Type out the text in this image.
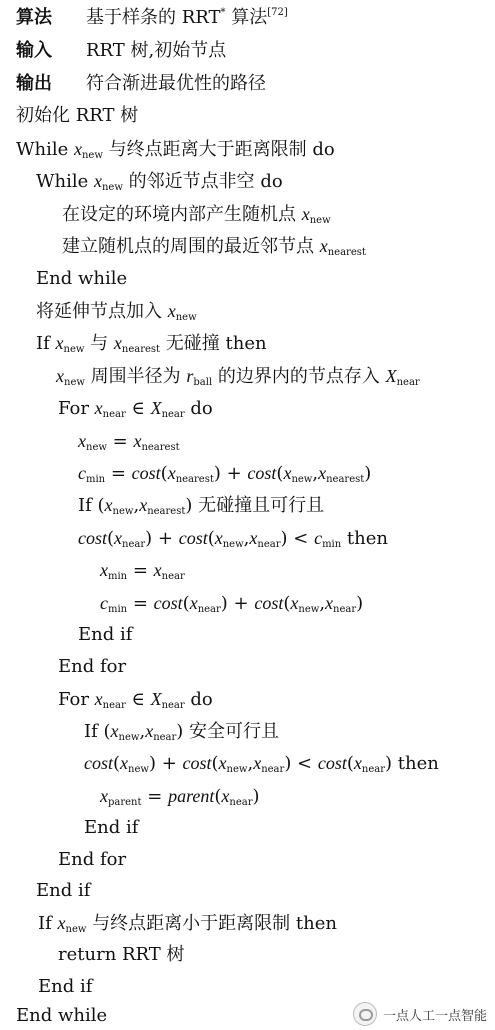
算法 基于样条的 RRT* 算法[72]
输入 RRT 树,初始节点
输出 符合渐进最优性的路径
初始化 RRT 树
While $x_{new}$ 与终点距离大于距离限制 do
While $x_{new}$ 的邻近节点非空 do
在设定的环境内部产生随机点 $x_{new}$
建立随机点的周围的最近邻节点 $x_{nearest}$
End while
将延伸节点加入 $x_{new}$
If $x_{new}$ 与 $x_{nearest}$ 无碰撞 then
$x_{new}$ 周围半径为 $r_{ball}$ 的边界内的节点存入 $X_{near}$
For $x_{near}$ ∈ $X_{near}$ do
$x_{new} = x_{nearest}$
$c_{min} = \cos t(x_{nearest}) + \cos t(x_{new},x_{nearest})$
If $(x_{new},x_{nearest})$ 无碰撞且可行且
$\cos t(x_{near}) + \cos t(x_{new},x_{near}) < c_{min}$ then
$x_{min} = x_{near}$
$c_{min} = \cos t(x_{near}) + \cos t(x_{new},x_{near})$
End if
End for
For $x_{near}$ ∈ $X_{near}$ do
If $(x_{new},x_{near})$ 安全可行且
$\cos t(x_{new}) + \cos t(x_{new},x_{near}) < \cos t(x_{near})$ then
$x_{parent}$ = $parent(x_{near})$
End if
End for
End if
If $x_{new}$ 与终点距离小于距离限制 then
return RRT 树
End if
End while	一点人工一点智能
